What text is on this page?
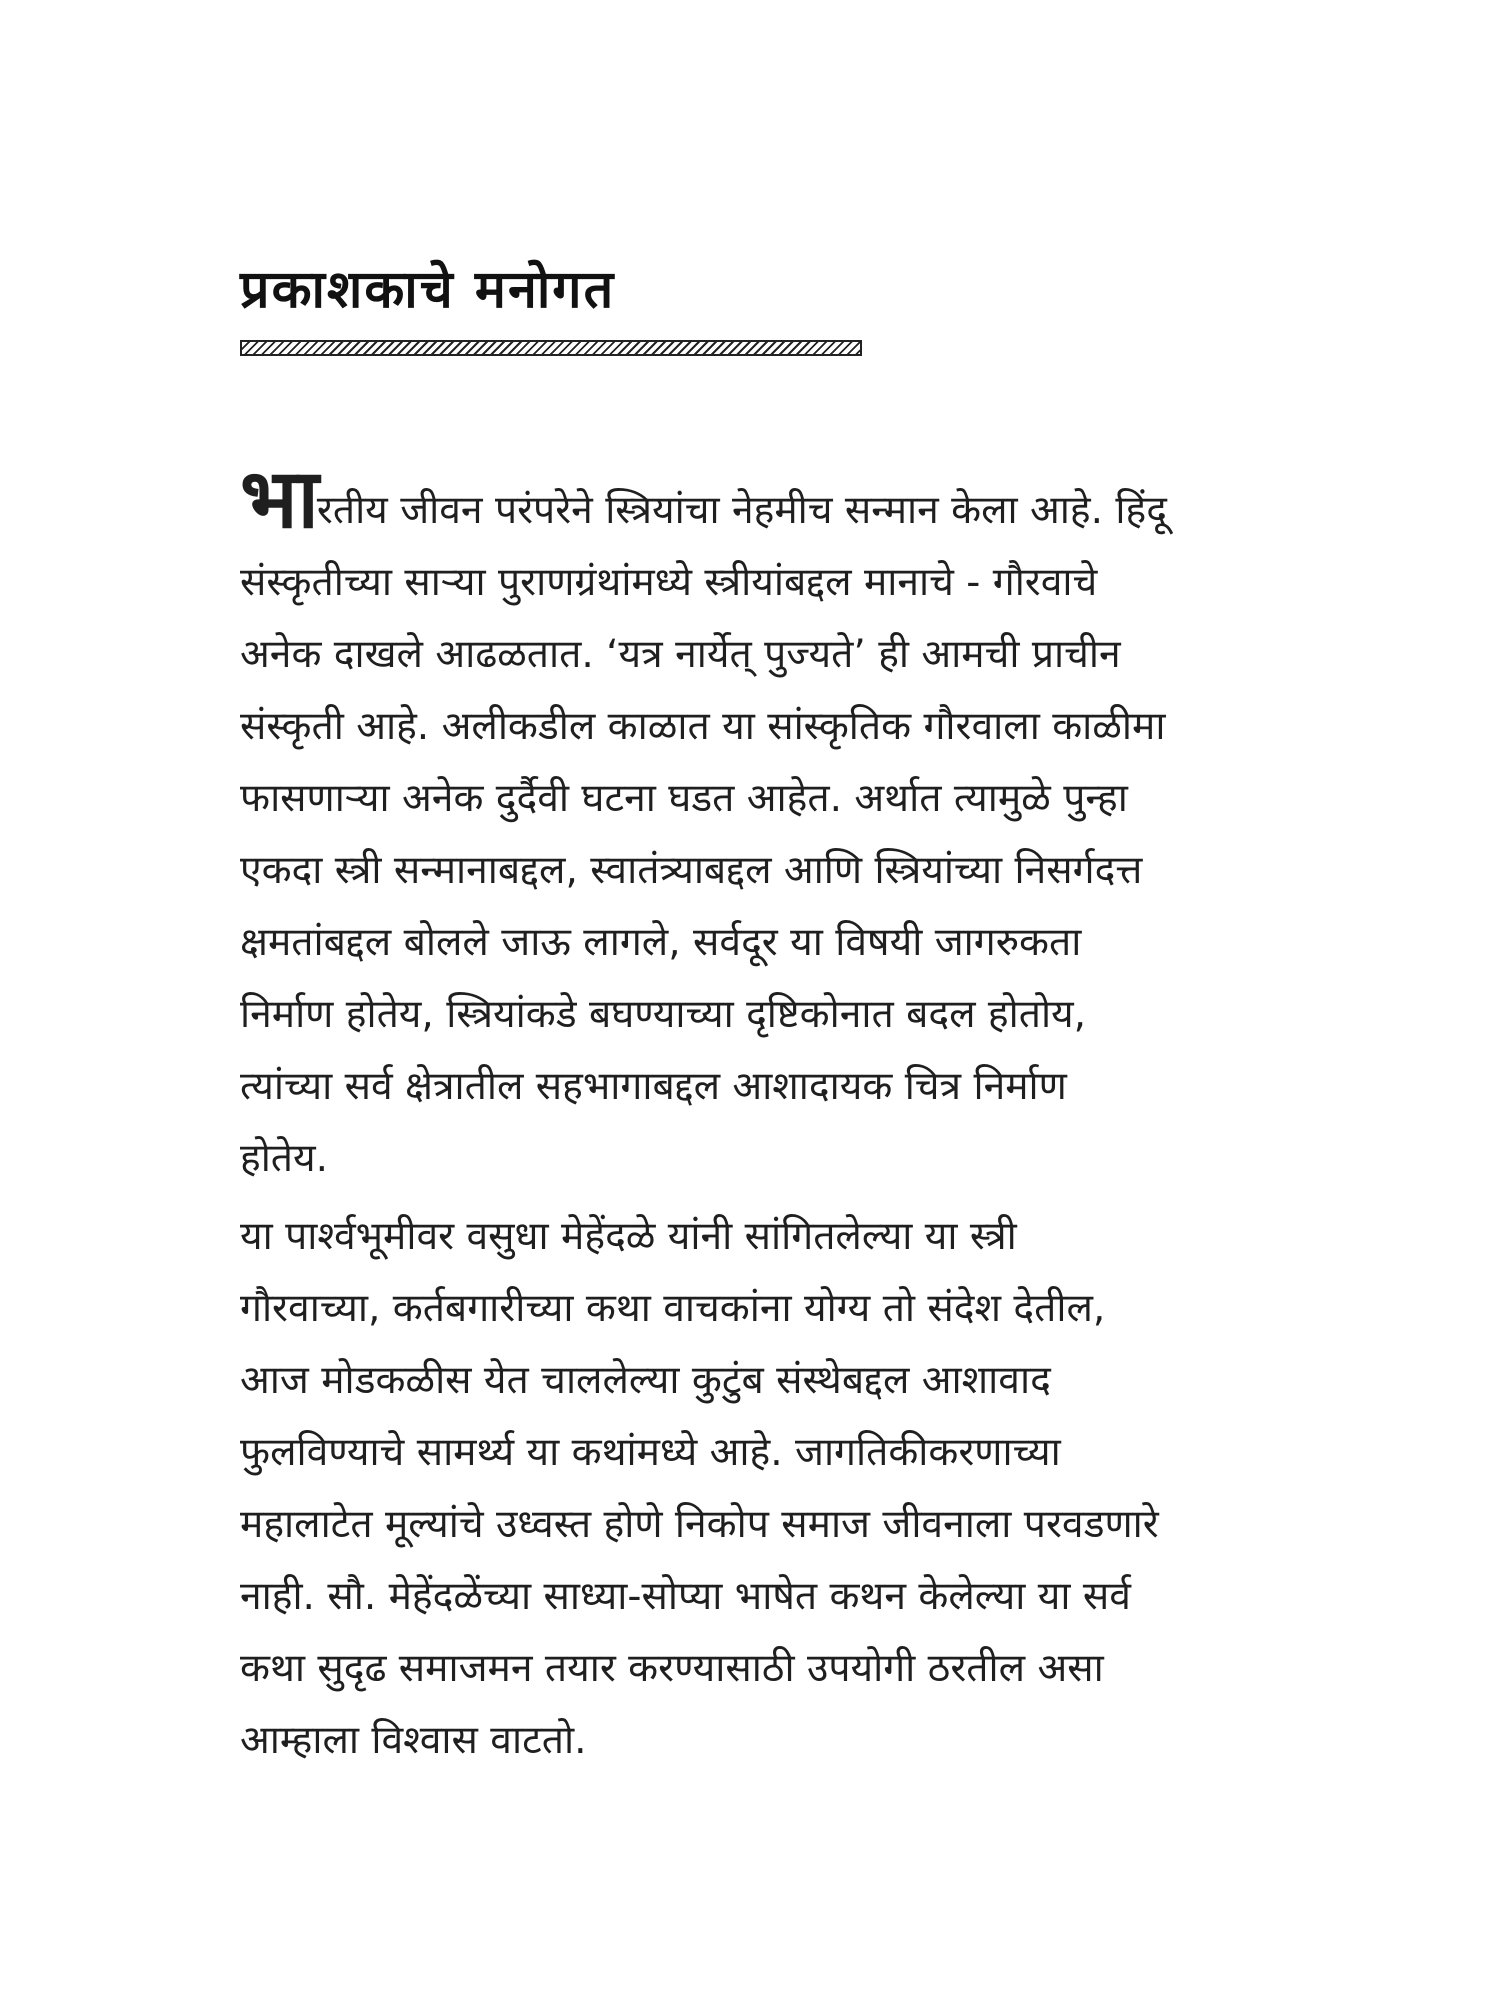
प्रकाशकाचे मनोगत

भारतीय जीवन परंपरेने स्त्रियांचा नेहमीच सन्मान केला आहे. हिंदू
संस्कृतीच्या साऱ्या पुराणग्रंथांमध्ये स्त्रीयांबद्दल मानाचे - गौरवाचे
अनेक दाखले आढळतात. ‘यत्र नार्येत् पुज्यते’ ही आमची प्राचीन
संस्कृती आहे. अलीकडील काळात या सांस्कृतिक गौरवाला काळीमा
फासणाऱ्या अनेक दुर्दैवी घटना घडत आहेत. अर्थात त्यामुळे पुन्हा
एकदा स्त्री सन्मानाबद्दल, स्वातंत्र्याबद्दल आणि स्त्रियांच्या निसर्गदत्त
क्षमतांबद्दल बोलले जाऊ लागले, सर्वदूर या विषयी जागरुकता
निर्माण होतेय, स्त्रियांकडे बघण्याच्या दृष्टिकोनात बदल होतोय,
त्यांच्या सर्व क्षेत्रातील सहभागाबद्दल आशादायक चित्र निर्माण
होतेय.

या पार्श्वभूमीवर वसुधा मेहेंदळे यांनी सांगितलेल्या या स्त्री
गौरवाच्या, कर्तबगारीच्या कथा वाचकांना योग्य तो संदेश देतील,
आज मोडकळीस येत चाललेल्या कुटुंब संस्थेबद्दल आशावाद
फुलविण्याचे सामर्थ्य या कथांमध्ये आहे. जागतिकीकरणाच्या
महालाटेत मूल्यांचे उध्वस्त होणे निकोप समाज जीवनाला परवडणारे
नाही. सौ. मेहेंदळेंच्या साध्या-सोप्या भाषेत कथन केलेल्या या सर्व
कथा सुदृढ समाजमन तयार करण्यासाठी उपयोगी ठरतील असा
आम्हाला विश्वास वाटतो.
